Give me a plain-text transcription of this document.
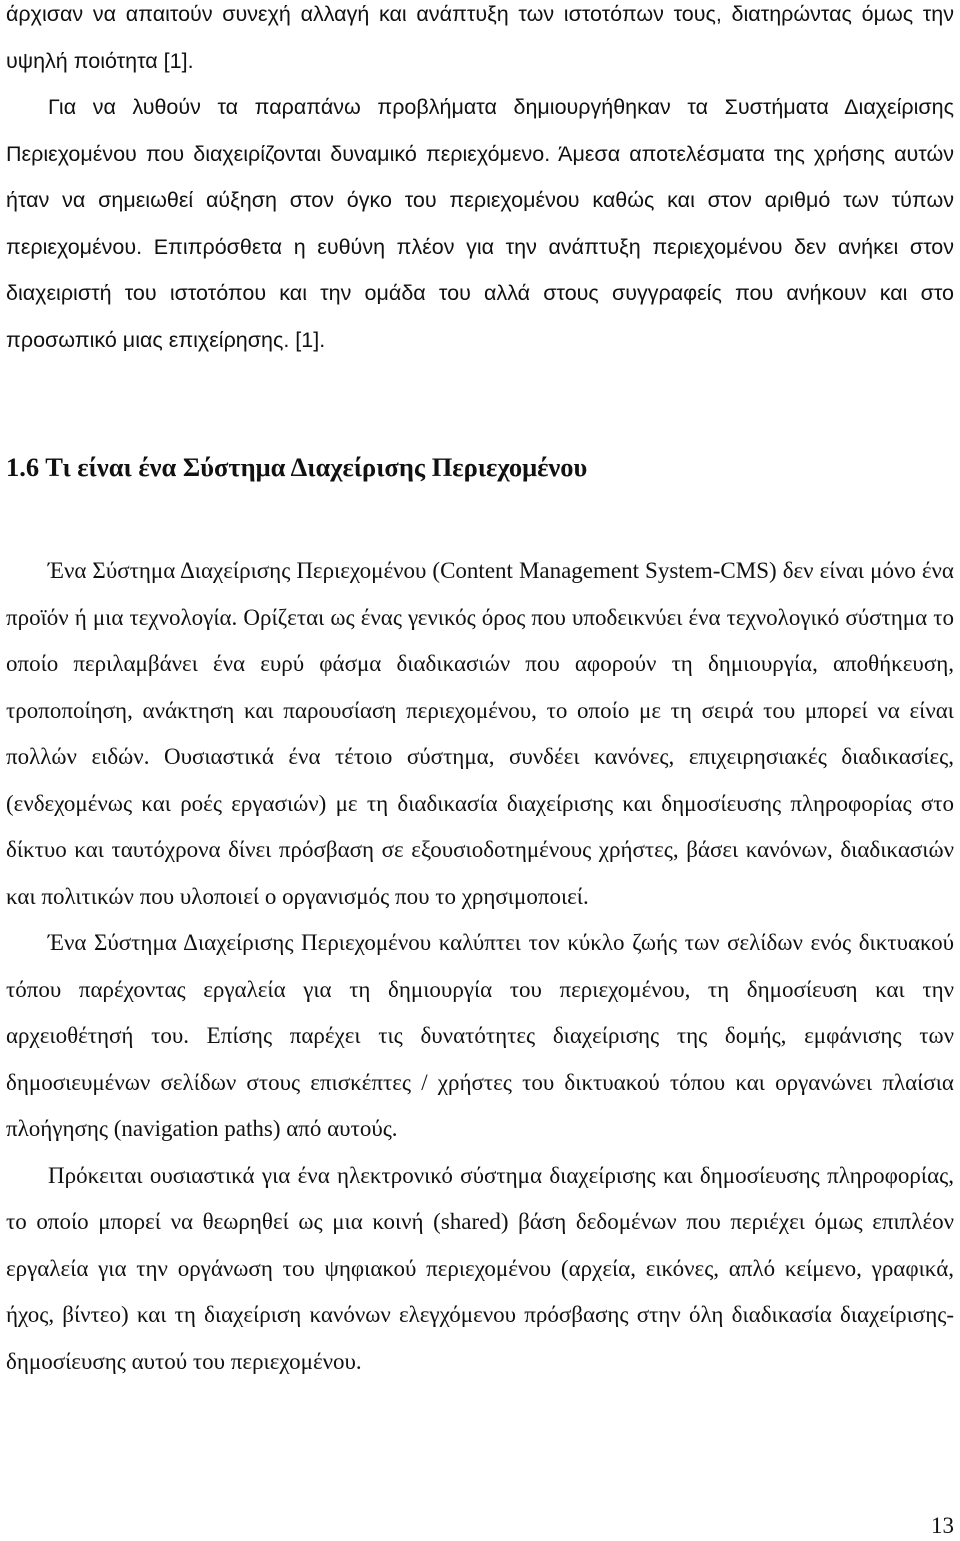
άρχισαν να απαιτούν συνεχή αλλαγή και ανάπτυξη των ιστοτόπων τους, διατηρώντας όμως την υψηλή ποιότητα [1].

Για να λυθούν τα παραπάνω προβλήματα δημιουργήθηκαν τα Συστήματα Διαχείρισης Περιεχομένου που διαχειρίζονται δυναμικό περιεχόμενο. Άμεσα αποτελέσματα της χρήσης αυτών ήταν να σημειωθεί αύξηση στον όγκο του περιεχομένου καθώς και στον αριθμό των τύπων περιεχομένου. Επιπρόσθετα η ευθύνη πλέον για την ανάπτυξη περιεχομένου δεν ανήκει στον διαχειριστή του ιστοτόπου και την ομάδα του αλλά στους συγγραφείς που ανήκουν και στο προσωπικό μιας επιχείρησης. [1].

1.6 Τι είναι ένα Σύστημα Διαχείρισης Περιεχομένου

Ένα Σύστημα Διαχείρισης Περιεχομένου (Content Management System-CMS) δεν είναι μόνο ένα προϊόν ή μια τεχνολογία. Ορίζεται ως ένας γενικός όρος που υποδεικνύει ένα τεχνολογικό σύστημα το οποίο περιλαμβάνει ένα ευρύ φάσμα διαδικασιών που αφορούν τη δημιουργία, αποθήκευση, τροποποίηση, ανάκτηση και παρουσίαση περιεχομένου, το οποίο με τη σειρά του μπορεί να είναι πολλών ειδών. Ουσιαστικά ένα τέτοιο σύστημα, συνδέει κανόνες, επιχειρησιακές διαδικασίες, (ενδεχομένως και ροές εργασιών) με τη διαδικασία διαχείρισης και δημοσίευσης πληροφορίας στο δίκτυο και ταυτόχρονα δίνει πρόσβαση σε εξουσιοδοτημένους χρήστες, βάσει κανόνων, διαδικασιών και πολιτικών που υλοποιεί ο οργανισμός που το χρησιμοποιεί.

Ένα Σύστημα Διαχείρισης Περιεχομένου καλύπτει τον κύκλο ζωής των σελίδων ενός δικτυακού τόπου παρέχοντας εργαλεία για τη δημιουργία του περιεχομένου, τη δημοσίευση και την αρχειοθέτησή του. Επίσης παρέχει τις δυνατότητες διαχείρισης της δομής, εμφάνισης των δημοσιευμένων σελίδων στους επισκέπτες / χρήστες του δικτυακού τόπου και οργανώνει πλαίσια πλοήγησης (navigation paths) από αυτούς.

Πρόκειται ουσιαστικά για ένα ηλεκτρονικό σύστημα διαχείρισης και δημοσίευσης πληροφορίας, το οποίο μπορεί να θεωρηθεί ως μια κοινή (shared) βάση δεδομένων που περιέχει όμως επιπλέον εργαλεία για την οργάνωση του ψηφιακού περιεχομένου (αρχεία, εικόνες, απλό κείμενο, γραφικά, ήχος, βίντεο) και τη διαχείριση κανόνων ελεγχόμενου πρόσβασης στην όλη διαδικασία διαχείρισης-δημοσίευσης αυτού του περιεχομένου.

13
